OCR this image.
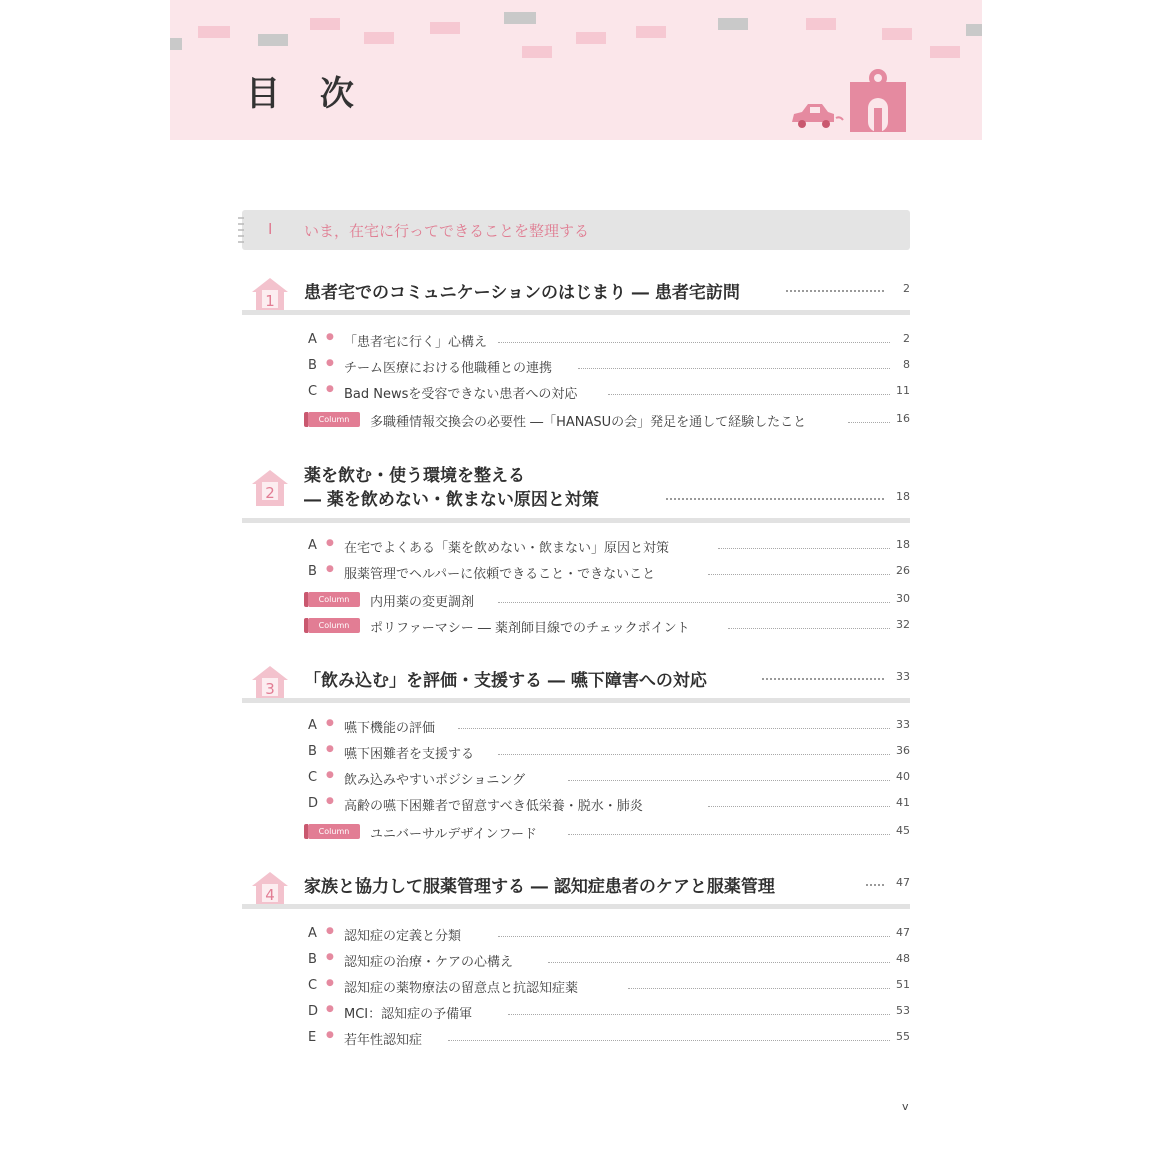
目 次
I いま，在宅に行ってできることを整理する
1 患者宅でのコミュニケーションのはじまり ― 患者宅訪問	2
A ● 「患者宅に行く」心構え	2
B ● チーム医療における他職種との連携	8
C ● Bad Newsを受容できない患者への対応	11
Column	多職種情報交換会の必要性 ―「HANASUの会」発足を通して経験したこと	16
2
薬を飲む・使う環境を整える
― 薬を飲めない・飲まない原因と対策	18
A ● 在宅でよくある「薬を飲めない・飲まない」原因と対策	18
B ● 服薬管理でヘルパーに依頼できること・できないこと	26
Column	内用薬の変更調剤	30
Column	ポリファーマシー ― 薬剤師目線でのチェックポイント	32
3 「飲み込む」を評価・支援する ― 嚥下障害への対応	33
A ● 嚥下機能の評価	33
B ● 嚥下困難者を支援する	36
C ● 飲み込みやすいポジショニング	40
D ● 高齢の嚥下困難者で留意すべき低栄養・脱水・肺炎	41
Column	ユニバーサルデザインフード	45
4 家族と協力して服薬管理する ― 認知症患者のケアと服薬管理	47
A ● 認知症の定義と分類	47
B ● 認知症の治療・ケアの心構え	48
C ● 認知症の薬物療法の留意点と抗認知症薬	51
D ● MCI：認知症の予備軍	53
E ● 若年性認知症	55
v
